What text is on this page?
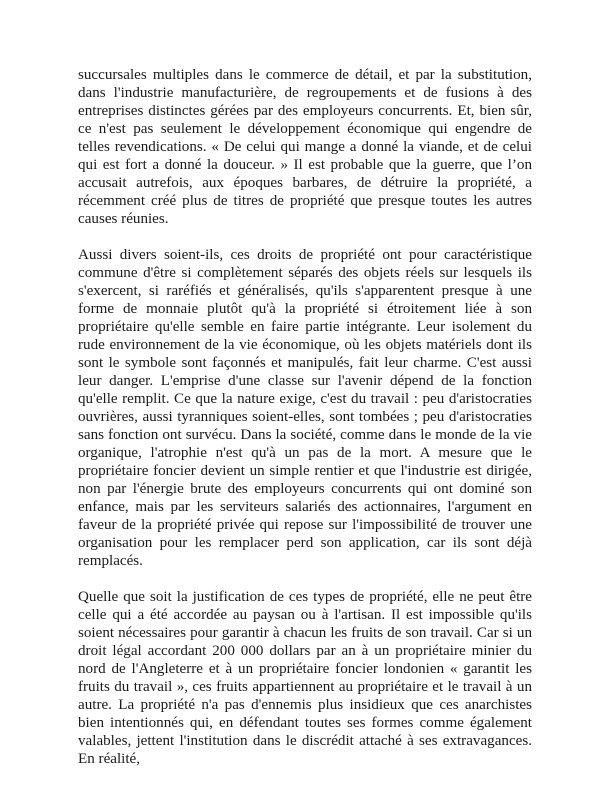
succursales multiples dans le commerce de détail, et par la substitution, dans l'industrie manufacturière, de regroupements et de fusions à des entreprises distinctes gérées par des employeurs concurrents. Et, bien sûr, ce n'est pas seulement le développement économique qui engendre de telles revendications. « De celui qui mange a donné la viande, et de celui qui est fort a donné la douceur. » Il est probable que la guerre, que l’on accusait autrefois, aux époques barbares, de détruire la propriété, a récemment créé plus de titres de propriété que presque toutes les autres causes réunies.

Aussi divers soient-ils, ces droits de propriété ont pour caractéristique commune d'être si complètement séparés des objets réels sur lesquels ils s'exercent, si raréfiés et généralisés, qu'ils s'apparentent presque à une forme de monnaie plutôt qu'à la propriété si étroitement liée à son propriétaire qu'elle semble en faire partie intégrante. Leur isolement du rude environnement de la vie économique, où les objets matériels dont ils sont le symbole sont façonnés et manipulés, fait leur charme. C'est aussi leur danger. L'emprise d'une classe sur l'avenir dépend de la fonction qu'elle remplit. Ce que la nature exige, c'est du travail : peu d'aristocraties ouvrières, aussi tyranniques soient-elles, sont tombées ; peu d'aristocraties sans fonction ont survécu. Dans la société, comme dans le monde de la vie organique, l'atrophie n'est qu'à un pas de la mort. A mesure que le propriétaire foncier devient un simple rentier et que l'industrie est dirigée, non par l'énergie brute des employeurs concurrents qui ont dominé son enfance, mais par les serviteurs salariés des actionnaires, l'argument en faveur de la propriété privée qui repose sur l'impossibilité de trouver une organisation pour les remplacer perd son application, car ils sont déjà remplacés.

Quelle que soit la justification de ces types de propriété, elle ne peut être celle qui a été accordée au paysan ou à l'artisan. Il est impossible qu'ils soient nécessaires pour garantir à chacun les fruits de son travail. Car si un droit légal accordant 200 000 dollars par an à un propriétaire minier du nord de l'Angleterre et à un propriétaire foncier londonien « garantit les fruits du travail », ces fruits appartiennent au propriétaire et le travail à un autre. La propriété n'a pas d'ennemis plus insidieux que ces anarchistes bien intentionnés qui, en défendant toutes ses formes comme également valables, jettent l'institution dans le discrédit attaché à ses extravagances. En réalité,
